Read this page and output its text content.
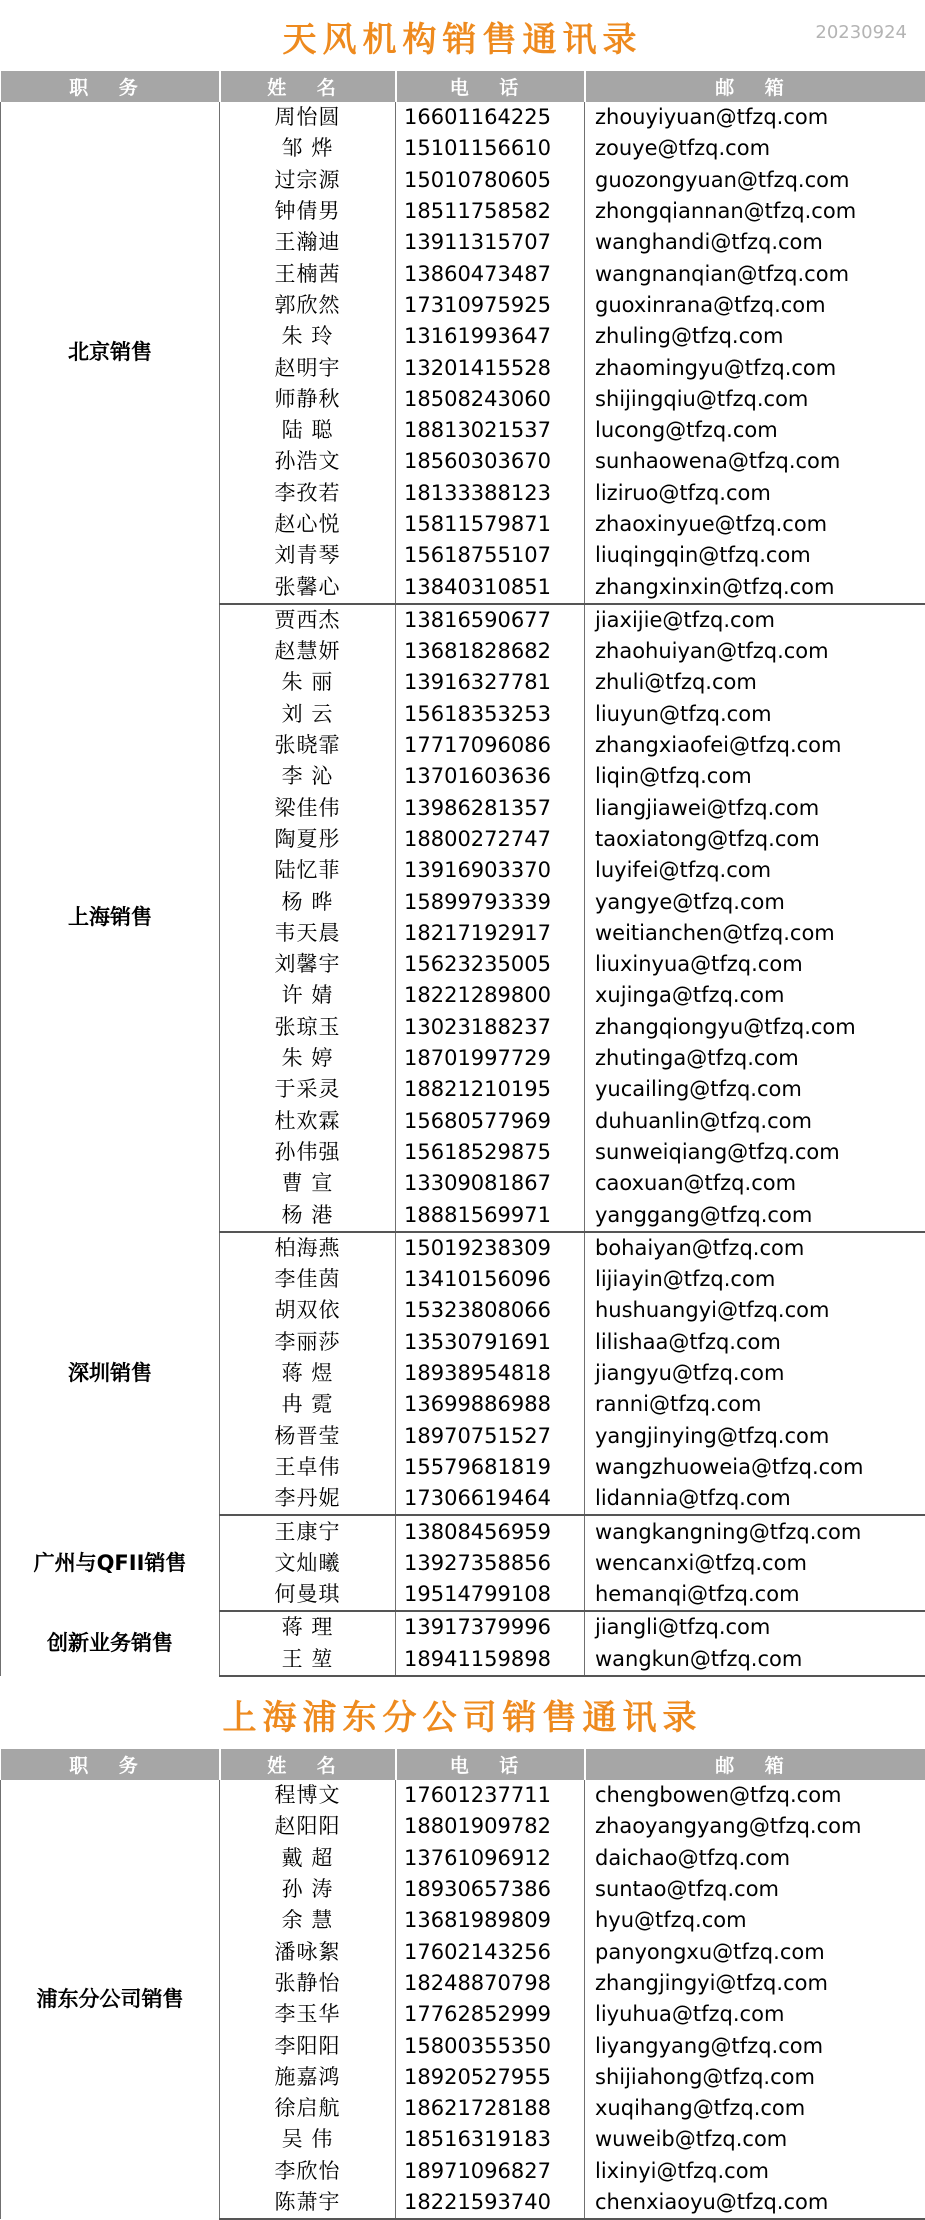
天风机构销售通讯录	20230924
职 务	姓 名	电 话	邮 箱
北京销售	周怡圆	16601164225	zhouyiyuan@tfzq.com
	邹 烨	15101156610	zouye@tfzq.com
	过宗源	15010780605	guozongyuan@tfzq.com
	钟倩男	18511758582	zhongqiannan@tfzq.com
	王瀚迪	13911315707	wanghandi@tfzq.com
	王楠茜	13860473487	wangnanqian@tfzq.com
	郭欣然	17310975925	guoxinrana@tfzq.com
	朱 玲	13161993647	zhuling@tfzq.com
	赵明宇	13201415528	zhaomingyu@tfzq.com
	师静秋	18508243060	shijingqiu@tfzq.com
	陆 聪	18813021537	lucong@tfzq.com
	孙浩文	18560303670	sunhaowena@tfzq.com
	李孜若	18133388123	liziruo@tfzq.com
	赵心悦	15811579871	zhaoxinyue@tfzq.com
	刘青琴	15618755107	liuqingqin@tfzq.com
	张馨心	13840310851	zhangxinxin@tfzq.com
上海销售	贾西杰	13816590677	jiaxijie@tfzq.com
	赵慧妍	13681828682	zhaohuiyan@tfzq.com
	朱 丽	13916327781	zhuli@tfzq.com
	刘 云	15618353253	liuyun@tfzq.com
	张晓霏	17717096086	zhangxiaofei@tfzq.com
	李 沁	13701603636	liqin@tfzq.com
	梁佳伟	13986281357	liangjiawei@tfzq.com
	陶夏彤	18800272747	taoxiatong@tfzq.com
	陆忆菲	13916903370	luyifei@tfzq.com
	杨 晔	15899793339	yangye@tfzq.com
	韦天晨	18217192917	weitianchen@tfzq.com
	刘馨宇	15623235005	liuxinyua@tfzq.com
	许 婧	18221289800	xujinga@tfzq.com
	张琼玉	13023188237	zhangqiongyu@tfzq.com
	朱 婷	18701997729	zhutinga@tfzq.com
	于采灵	18821210195	yucailing@tfzq.com
	杜欢霖	15680577969	duhuanlin@tfzq.com
	孙伟强	15618529875	sunweiqiang@tfzq.com
	曹 宣	13309081867	caoxuan@tfzq.com
	杨 港	18881569971	yanggang@tfzq.com
深圳销售	柏海燕	15019238309	bohaiyan@tfzq.com
	李佳茵	13410156096	lijiayin@tfzq.com
	胡双依	15323808066	hushuangyi@tfzq.com
	李丽莎	13530791691	lilishaa@tfzq.com
	蒋 煜	18938954818	jiangyu@tfzq.com
	冉 霓	13699886988	ranni@tfzq.com
	杨晋莹	18970751527	yangjinying@tfzq.com
	王卓伟	15579681819	wangzhuoweia@tfzq.com
	李丹妮	17306619464	lidannia@tfzq.com
广州与QFII销售	王康宁	13808456959	wangkangning@tfzq.com
	文灿曦	13927358856	wencanxi@tfzq.com
	何曼琪	19514799108	hemanqi@tfzq.com
创新业务销售	蒋 理	13917379996	jiangli@tfzq.com
	王 堃	18941159898	wangkun@tfzq.com
上海浦东分公司销售通讯录
职 务	姓 名	电 话	邮 箱
浦东分公司销售	程博文	17601237711	chengbowen@tfzq.com
	赵阳阳	18801909782	zhaoyangyang@tfzq.com
	戴 超	13761096912	daichao@tfzq.com
	孙 涛	18930657386	suntao@tfzq.com
	余 慧	13681989809	hyu@tfzq.com
	潘咏絮	17602143256	panyongxu@tfzq.com
	张静怡	18248870798	zhangjingyi@tfzq.com
	李玉华	17762852999	liyuhua@tfzq.com
	李阳阳	15800355350	liyangyang@tfzq.com
	施嘉鸿	18920527955	shijiahong@tfzq.com
	徐启航	18621728188	xuqihang@tfzq.com
	吴 伟	18516319183	wuweib@tfzq.com
	李欣怡	18971096827	lixinyi@tfzq.com
	陈萧宇	18221593740	chenxiaoyu@tfzq.com
